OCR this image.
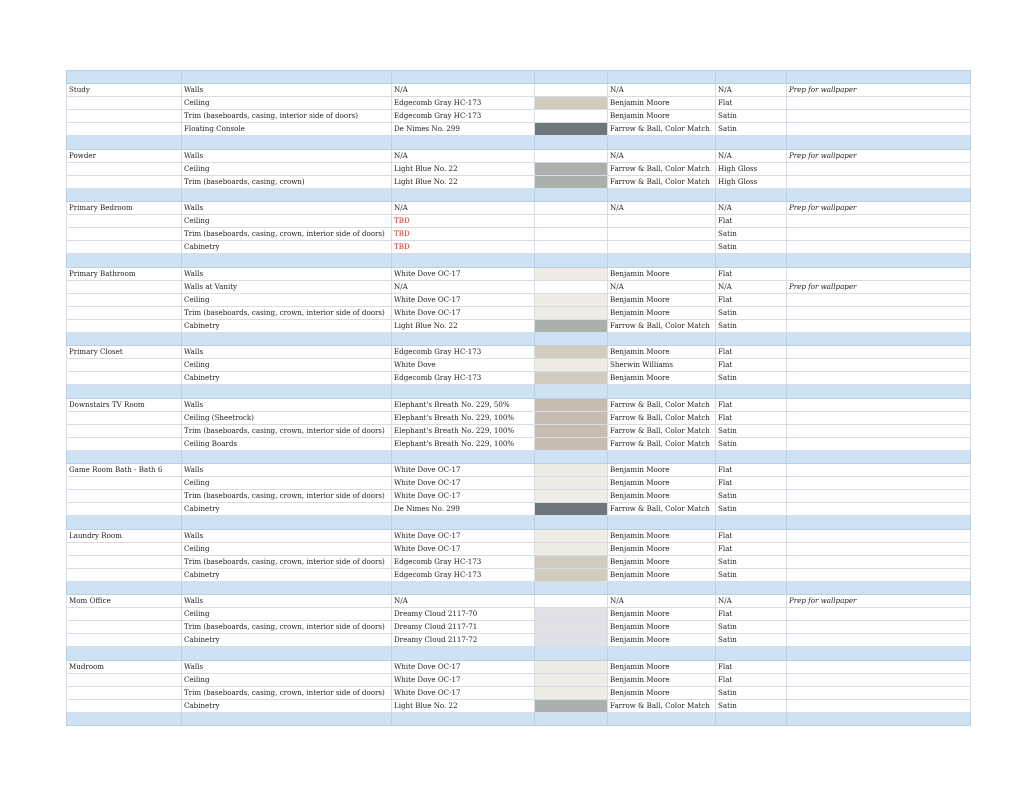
Study	Walls	N/A		N/A	N/A	Prep for wallpaper
	Ceiling	Edgecomb Gray HC-173		Benjamin Moore	Flat	
	Trim (baseboards, casing, interior side of doors)	Edgecomb Gray HC-173		Benjamin Moore	Satin	
	Floating Console	De Nimes No. 299		Farrow & Ball, Color Match	Satin	

Powder	Walls	N/A		N/A	N/A	Prep for wallpaper
	Ceiling	Light Blue No. 22		Farrow & Ball, Color Match	High Gloss	
	Trim (baseboards, casing, crown)	Light Blue No. 22		Farrow & Ball, Color Match	High Gloss	

Primary Bedroom	Walls	N/A		N/A	N/A	Prep for wallpaper
	Ceiling	TBD			Flat	
	Trim (baseboards, casing, crown, interior side of doors)	TBD			Satin	
	Cabinetry	TBD			Satin	

Primary Bathroom	Walls	White Dove OC-17		Benjamin Moore	Flat	
	Walls at Vanity	N/A		N/A	N/A	Prep for wallpaper
	Ceiling	White Dove OC-17		Benjamin Moore	Flat	
	Trim (baseboards, casing, crown, interior side of doors)	White Dove OC-17		Benjamin Moore	Satin	
	Cabinetry	Light Blue No. 22		Farrow & Ball, Color Match	Satin	

Primary Closet	Walls	Edgecomb Gray HC-173		Benjamin Moore	Flat	
	Ceiling	White Dove		Sherwin Williams	Flat	
	Cabinetry	Edgecomb Gray HC-173		Benjamin Moore	Satin	

Downstairs TV Room	Walls	Elephant's Breath No. 229, 50%		Farrow & Ball, Color Match	Flat	
	Ceiling (Sheetrock)	Elephant's Breath No. 229, 100%		Farrow & Ball, Color Match	Flat	
	Trim (baseboards, casing, crown, interior side of doors)	Elephant's Breath No. 229, 100%		Farrow & Ball, Color Match	Satin	
	Ceiling Boards	Elephant's Breath No. 229, 100%		Farrow & Ball, Color Match	Satin	

Game Room Bath - Bath 6	Walls	White Dove OC-17		Benjamin Moore	Flat	
	Ceiling	White Dove OC-17		Benjamin Moore	Flat	
	Trim (baseboards, casing, crown, interior side of doors)	White Dove OC-17		Benjamin Moore	Satin	
	Cabinetry	De Nimes No. 299		Farrow & Ball, Color Match	Satin	

Laundry Room	Walls	White Dove OC-17		Benjamin Moore	Flat	
	Ceiling	White Dove OC-17		Benjamin Moore	Flat	
	Trim (baseboards, casing, crown, interior side of doors)	Edgecomb Gray HC-173		Benjamin Moore	Satin	
	Cabinetry	Edgecomb Gray HC-173		Benjamin Moore	Satin	

Mom Office	Walls	N/A		N/A	N/A	Prep for wallpaper
	Ceiling	Dreamy Cloud 2117-70		Benjamin Moore	Flat	
	Trim (baseboards, casing, crown, interior side of doors)	Dreamy Cloud 2117-71		Benjamin Moore	Satin	
	Cabinetry	Dreamy Cloud 2117-72		Benjamin Moore	Satin	

Mudroom	Walls	White Dove OC-17		Benjamin Moore	Flat	
	Ceiling	White Dove OC-17		Benjamin Moore	Flat	
	Trim (baseboards, casing, crown, interior side of doors)	White Dove OC-17		Benjamin Moore	Satin	
	Cabinetry	Light Blue No. 22		Farrow & Ball, Color Match	Satin	
